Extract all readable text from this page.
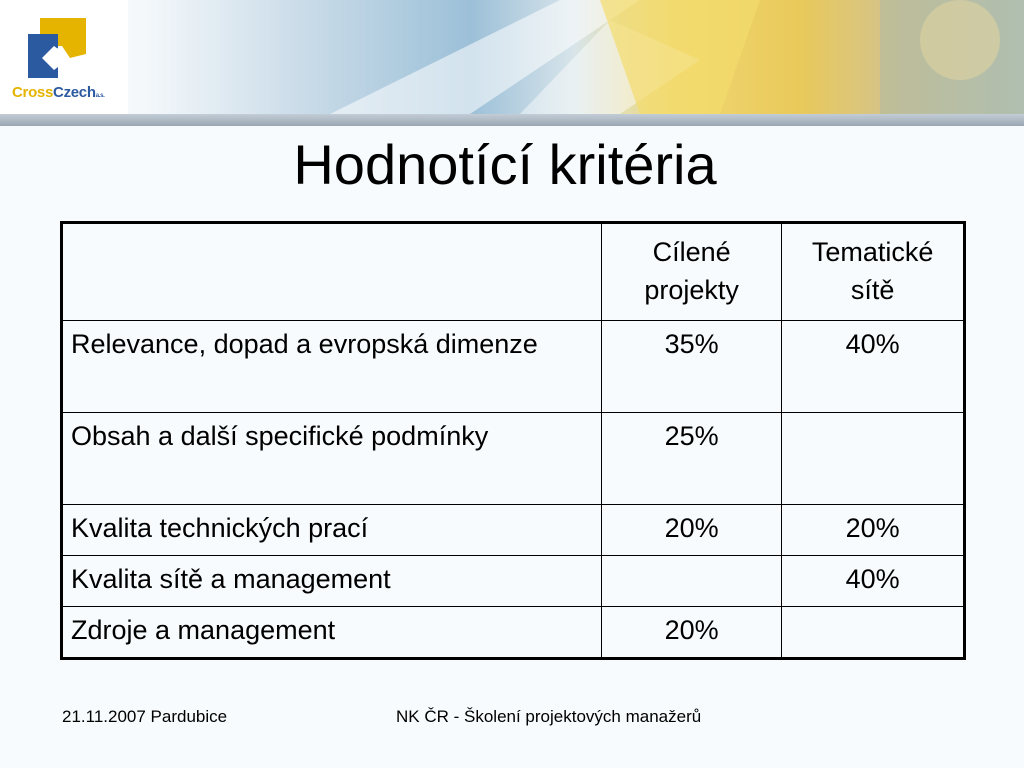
CrossCzecha.s.
Hodnotící kritéria
	Cílené projekty	Tematické sítě
Relevance, dopad a evropská dimenze	35%	40%
Obsah a další specifické podmínky	25%	
Kvalita technických prací	20%	20%
Kvalita sítě a management		40%
Zdroje a management	20%	
21.11.2007 Pardubice	NK ČR - Školení projektových manažerů
